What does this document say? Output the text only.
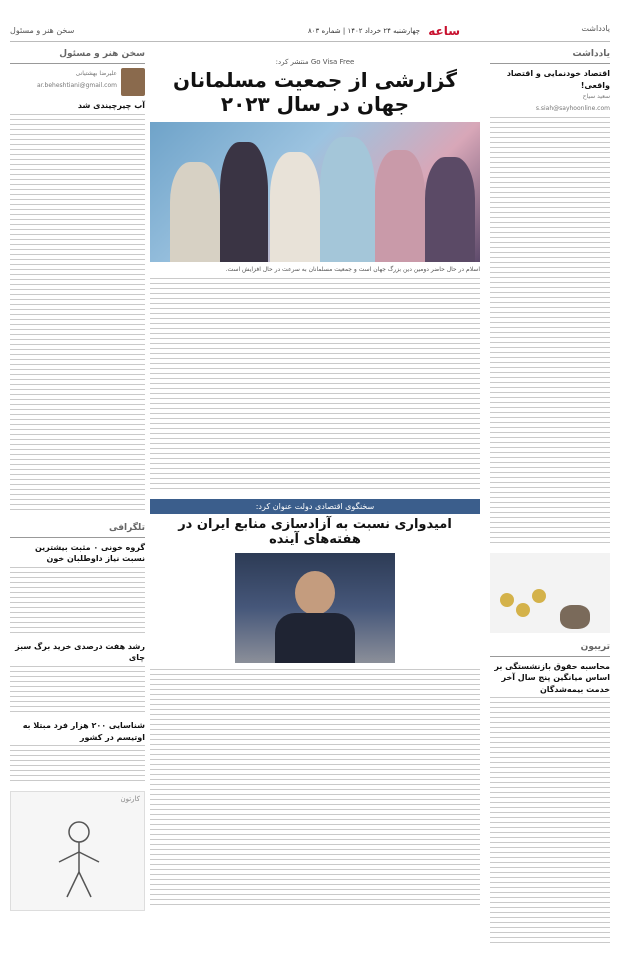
یادداشت
ساعه
چهارشنبه ۲۴ خرداد ۱۴۰۲ | شماره ۸۰۳
سخن هنر و مسئول
یادداشت
اقتصاد خودنمایی و اقتصاد واقعی!
سعید سیاح
s.siah@sayhoonline.com
تریبون
محاسبه حقوق بازنشستگی بر اساس میانگین پنج سال آخر خدمت بیمه‌شدگان
سخن هنر و مسئول
علیرضا بهشتیانی
ar.beheshtiani@gmail.com
آب چیرچیندی شد
تلگرافی
گروه خونی ۰ مثبت بیشترین نسبت نیاز داوطلبان خون
رشد هفت درصدی خرید برگ سبز چای
شناسایی ۲۰۰ هزار فرد مبتلا به اوتیسم در کشور
کارتون
Go Visa Free منتشر کرد:
گزارشی از جمعیت مسلمانان جهان در سال ۲۰۲۳
اسلام در حال حاضر دومین دین بزرگ جهان است و جمعیت مسلمانان به سرعت در حال افزایش است.
سخنگوی اقتصادی دولت عنوان کرد:
امیدواری نسبت به آزادسازی منابع ایران در هفته‌های آینده
